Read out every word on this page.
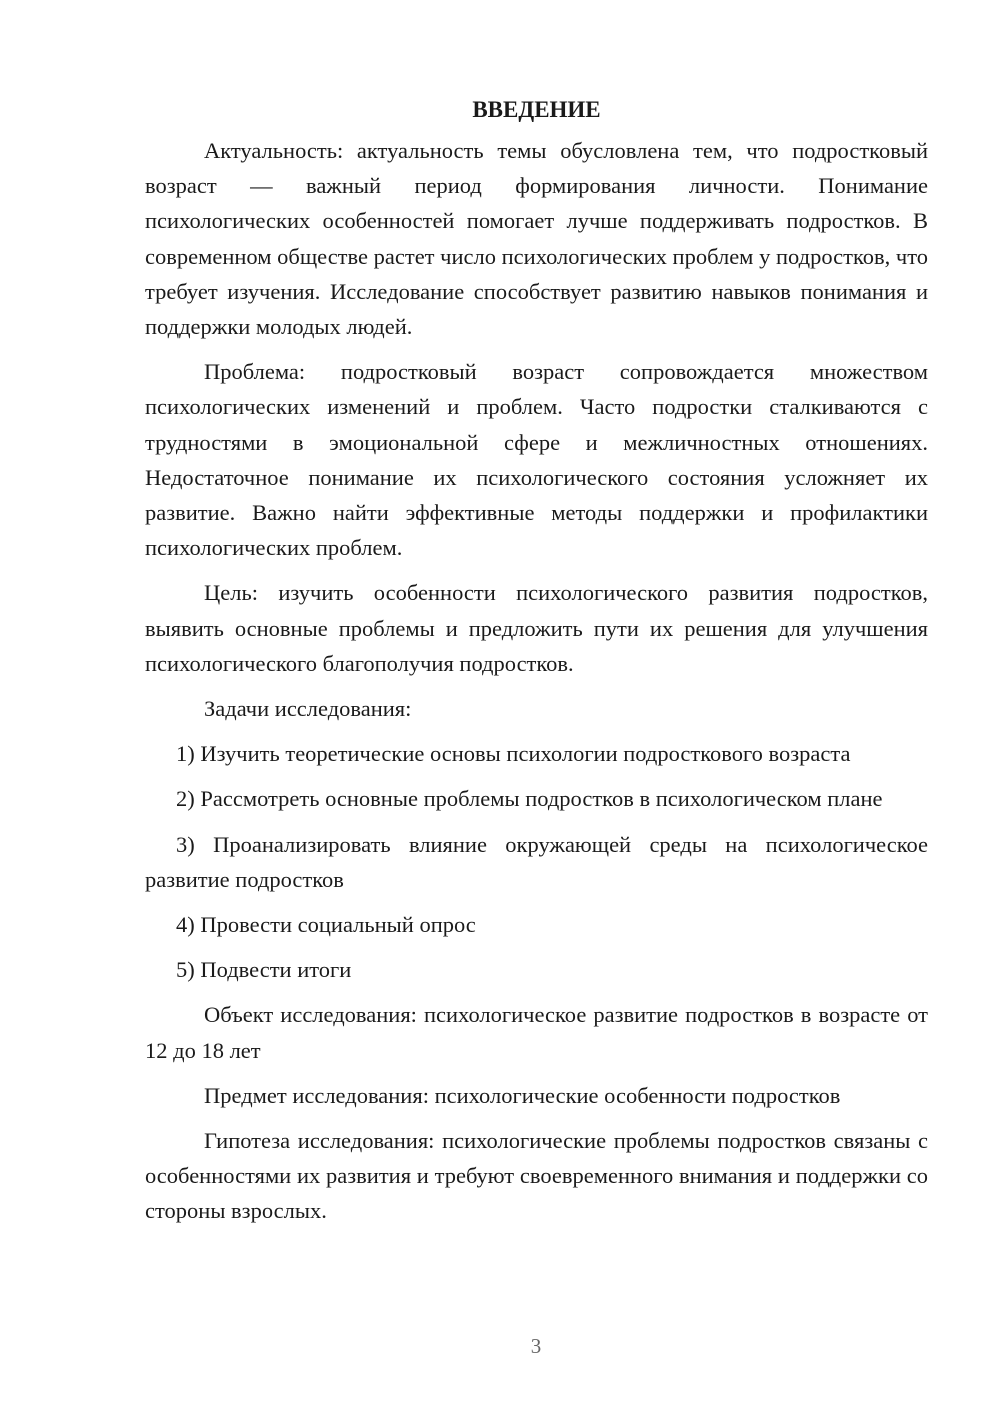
ВВЕДЕНИЕ

Актуальность: актуальность темы обусловлена тем, что подростковый возраст — важный период формирования личности. Понимание психологических особенностей помогает лучше поддерживать подростков. В современном обществе растет число психологических проблем у подростков, что требует изучения. Исследование способствует развитию навыков понимания и поддержки молодых людей.

Проблема: подростковый возраст сопровождается множеством психологических изменений и проблем. Часто подростки сталкиваются с трудностями в эмоциональной сфере и межличностных отношениях. Недостаточное понимание их психологического состояния усложняет их развитие. Важно найти эффективные методы поддержки и профилактики психологических проблем.

Цель: изучить особенности психологического развития подростков, выявить основные проблемы и предложить пути их решения для улучшения психологического благополучия подростков.

Задачи исследования:

1) Изучить теоретические основы психологии подросткового возраста

2) Рассмотреть основные проблемы подростков в психологическом плане

3) Проанализировать влияние окружающей среды на психологическое развитие подростков

4) Провести социальный опрос

5) Подвести итоги

Объект исследования: психологическое развитие подростков в возрасте от 12 до 18 лет

Предмет исследования: психологические особенности подростков

Гипотеза исследования: психологические проблемы подростков связаны с особенностями их развития и требуют своевременного внимания и поддержки со стороны взрослых.

3
